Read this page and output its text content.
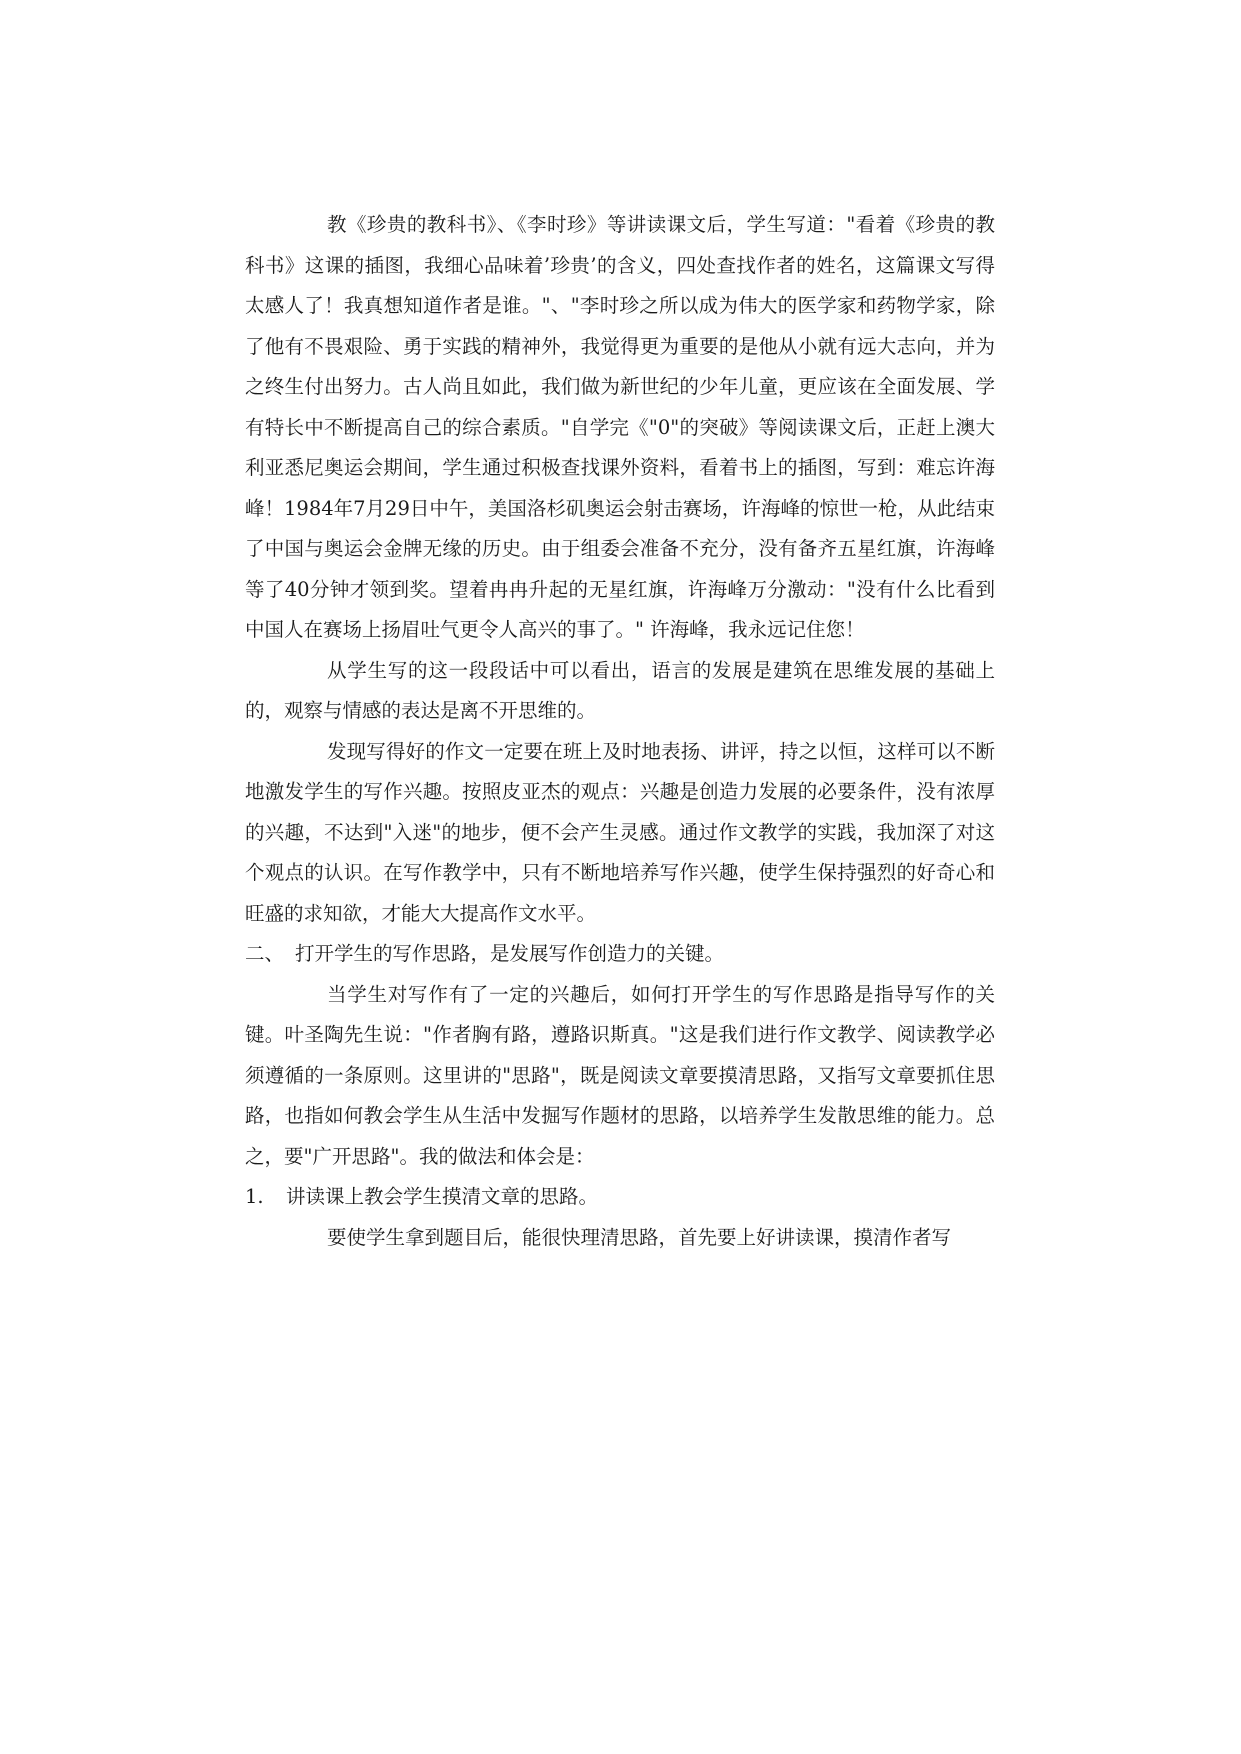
教《珍贵的教科书》、《李时珍》等讲读课文后，学生写道："看着《珍贵的教科书》这课的插图，我细心品味着’珍贵’的含义，四处查找作者的姓名，这篇课文写得太感人了！我真想知道作者是谁。"、"李时珍之所以成为伟大的医学家和药物学家，除了他有不畏艰险、勇于实践的精神外，我觉得更为重要的是他从小就有远大志向，并为之终生付出努力。古人尚且如此，我们做为新世纪的少年儿童，更应该在全面发展、学有特长中不断提高自己的综合素质。"自学完《"0"的突破》等阅读课文后，正赶上澳大利亚悉尼奥运会期间，学生通过积极查找课外资料，看着书上的插图，写到：难忘许海峰！1984年7月29日中午，美国洛杉矶奥运会射击赛场，许海峰的惊世一枪，从此结束了中国与奥运会金牌无缘的历史。由于组委会准备不充分，没有备齐五星红旗，许海峰等了40分钟才领到奖。望着冉冉升起的无星红旗，许海峰万分激动："没有什么比看到中国人在赛场上扬眉吐气更令人高兴的事了。" 许海峰，我永远记住您！

从学生写的这一段段话中可以看出，语言的发展是建筑在思维发展的基础上的，观察与情感的表达是离不开思维的。

发现写得好的作文一定要在班上及时地表扬、讲评，持之以恒，这样可以不断地激发学生的写作兴趣。按照皮亚杰的观点：兴趣是创造力发展的必要条件，没有浓厚的兴趣，不达到"入迷"的地步，便不会产生灵感。通过作文教学的实践，我加深了对这个观点的认识。在写作教学中，只有不断地培养写作兴趣，使学生保持强烈的好奇心和旺盛的求知欲，才能大大提高作文水平。

二、 打开学生的写作思路，是发展写作创造力的关键。

当学生对写作有了一定的兴趣后，如何打开学生的写作思路是指导写作的关键。叶圣陶先生说："作者胸有路，遵路识斯真。"这是我们进行作文教学、阅读教学必须遵循的一条原则。这里讲的"思路"，既是阅读文章要摸清思路，又指写文章要抓住思路，也指如何教会学生从生活中发掘写作题材的思路，以培养学生发散思维的能力。总之，要"广开思路"。我的做法和体会是：

1. 讲读课上教会学生摸清文章的思路。

要使学生拿到题目后，能很快理清思路，首先要上好讲读课，摸清作者写
